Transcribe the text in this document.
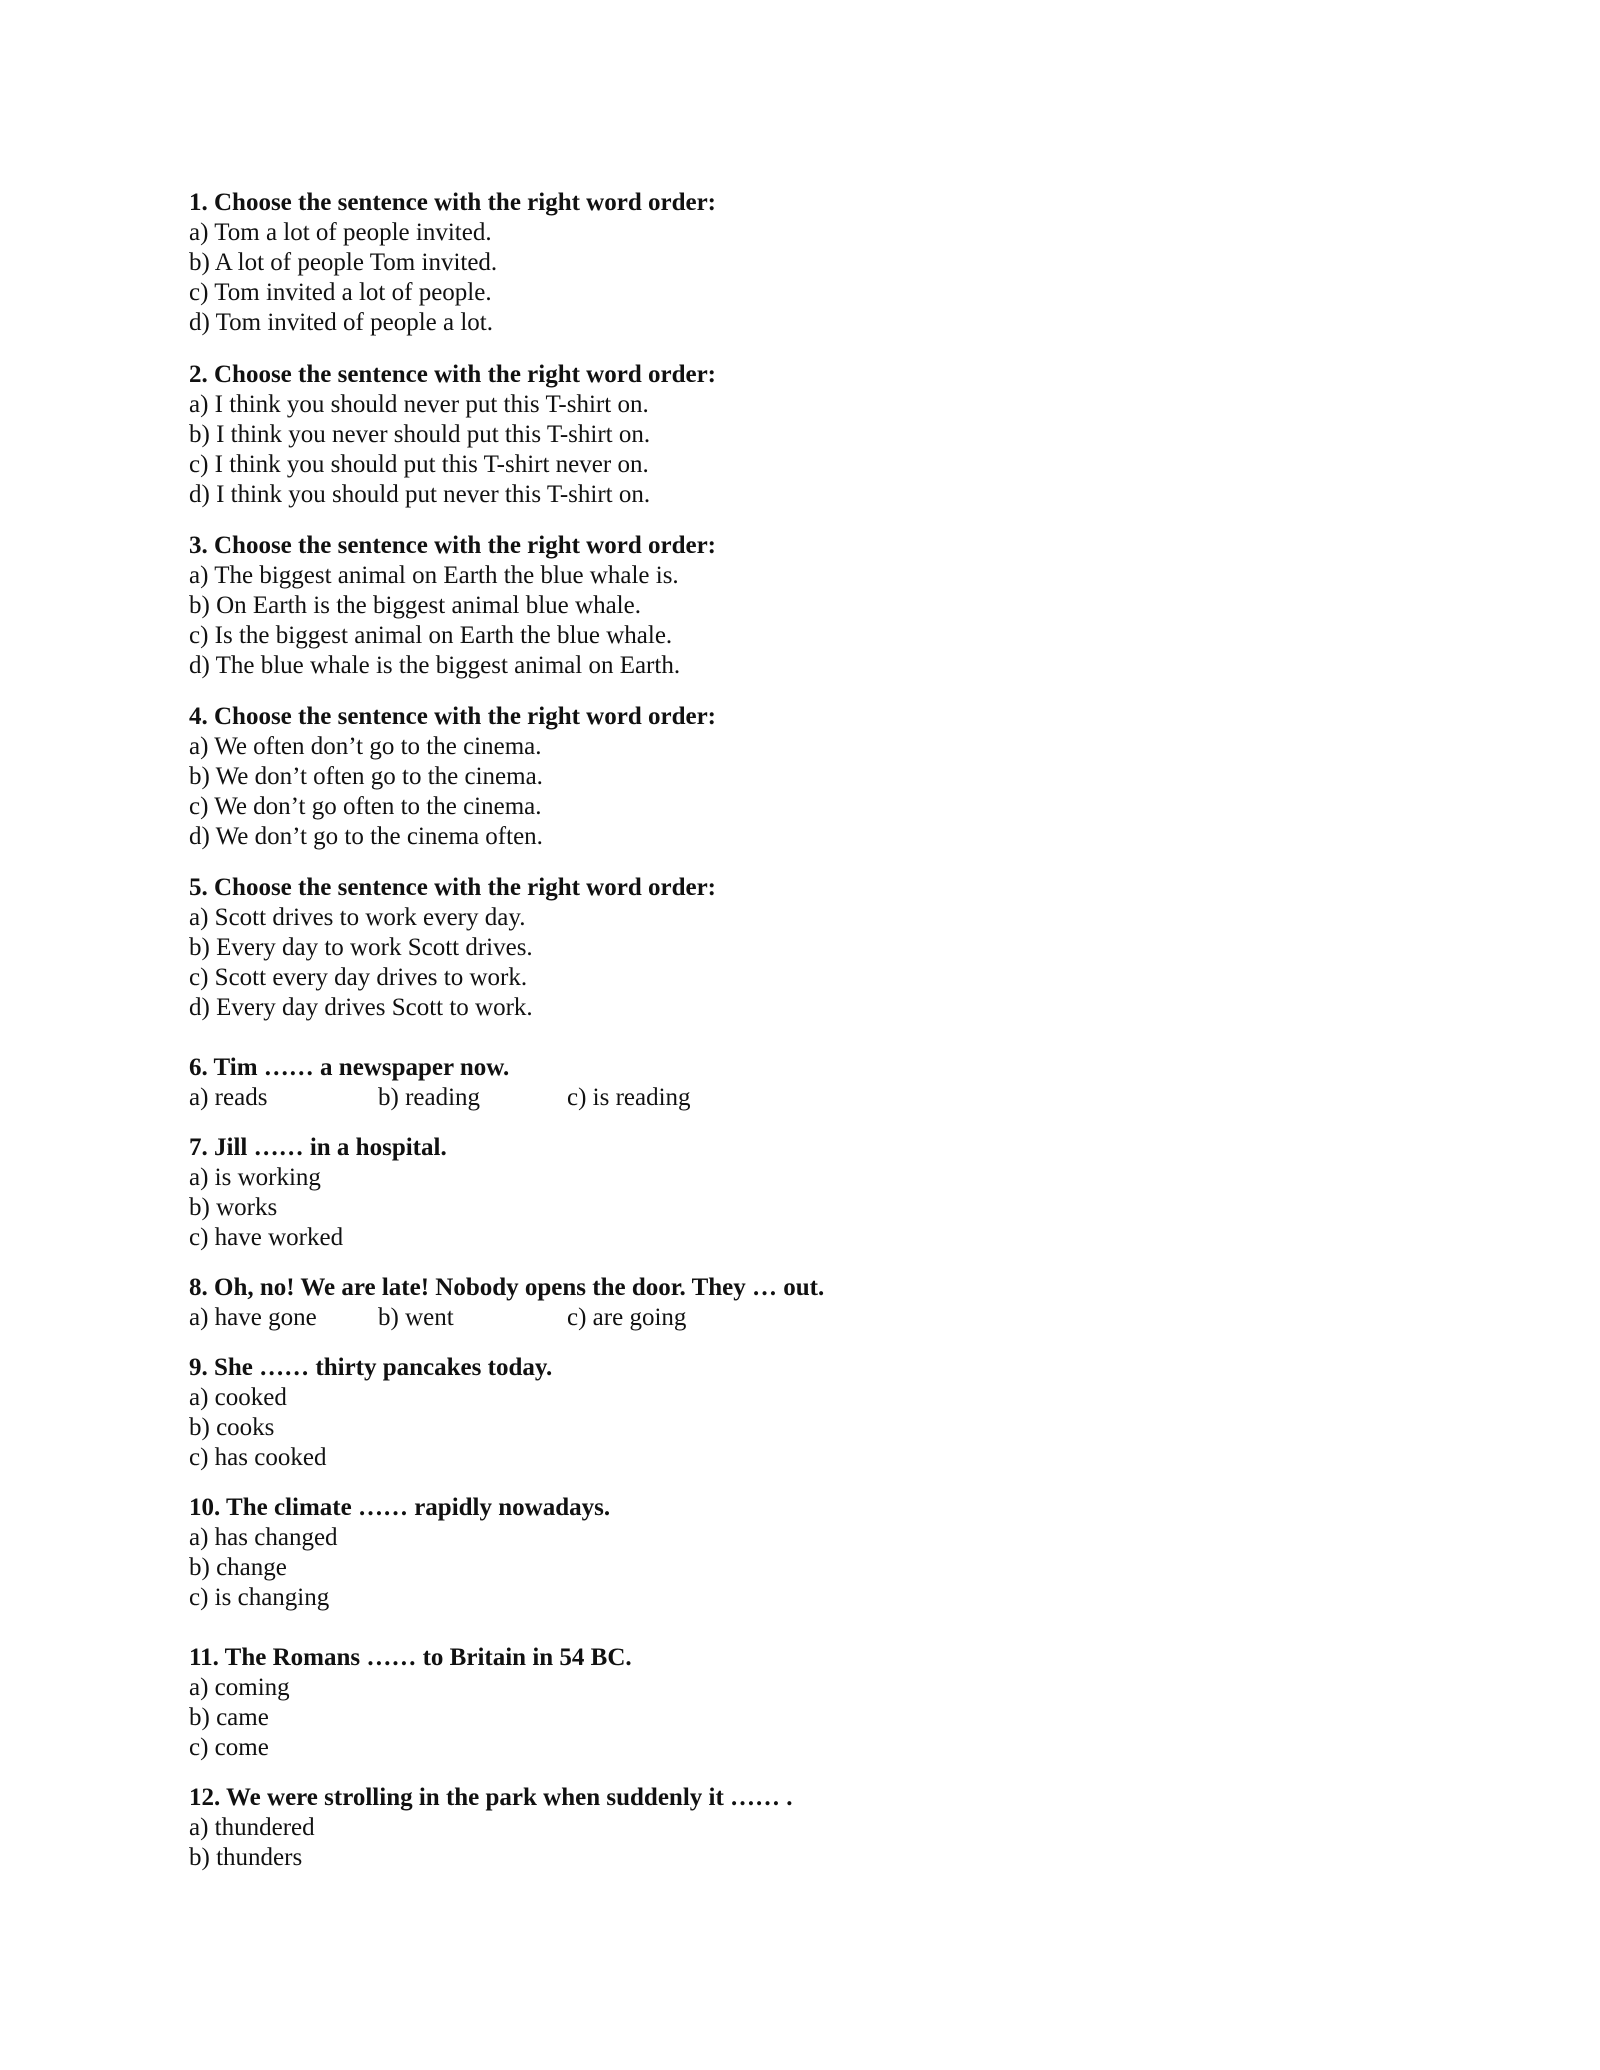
1. Choose the sentence with the right word order:
a) Tom a lot of people invited.
b) A lot of people Tom invited.
c) Tom invited a lot of people.
d) Tom invited of people a lot.
2. Choose the sentence with the right word order:
a) I think you should never put this T-shirt on.
b) I think you never should put this T-shirt on.
c) I think you should put this T-shirt never on.
d) I think you should put never this T-shirt on.
3. Choose the sentence with the right word order:
a) The biggest animal on Earth the blue whale is.
b) On Earth is the biggest animal blue whale.
c) Is the biggest animal on Earth the blue whale.
d) The blue whale is the biggest animal on Earth.
4. Choose the sentence with the right word order:
a) We often don’t go to the cinema.
b) We don’t often go to the cinema.
c) We don’t go often to the cinema.
d) We don’t go to the cinema often.
5. Choose the sentence with the right word order:
a) Scott drives to work every day.
b) Every day to work Scott drives.
c) Scott every day drives to work.
d) Every day drives Scott to work.
6. Tim …… a newspaper now.
a) reads	b) reading	c) is reading
7. Jill …… in a hospital.
a) is working
b) works
c) have worked
8. Oh, no! We are late! Nobody opens the door. They … out.
a) have gone	b) went	c) are going
9. She …… thirty pancakes today.
a) cooked
b) cooks
c) has cooked
10. The climate …… rapidly nowadays.
a) has changed
b) change
c) is changing
11. The Romans …… to Britain in 54 BC.
a) coming
b) came
c) come
12. We were strolling in the park when suddenly it …… .
a) thundered
b) thunders
